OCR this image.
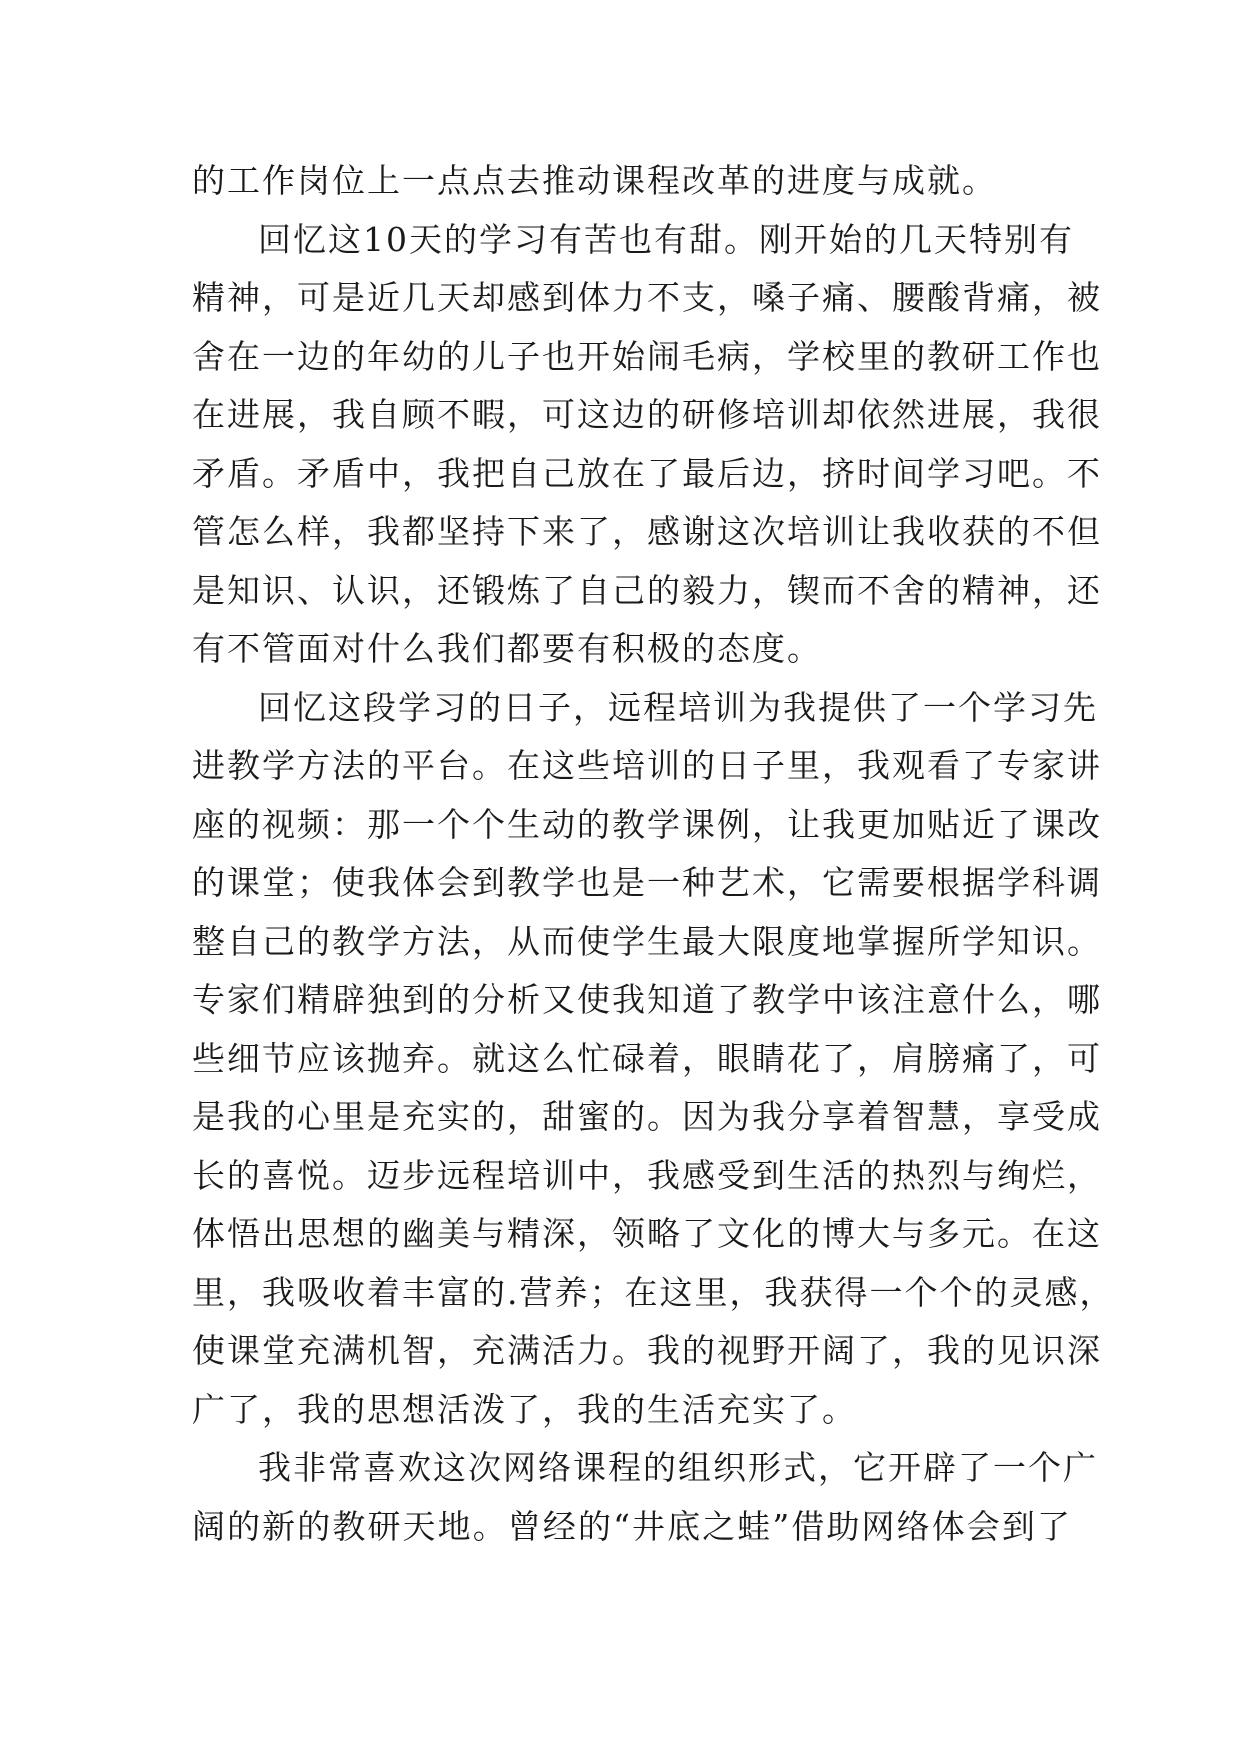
的工作岗位上一点点去推动课程改革的进度与成就。
回忆这10天的学习有苦也有甜。刚开始的几天特别有
精神，可是近几天却感到体力不支，嗓子痛、腰酸背痛，被
舍在一边的年幼的儿子也开始闹毛病，学校里的教研工作也
在进展，我自顾不暇，可这边的研修培训却依然进展，我很
矛盾。矛盾中，我把自己放在了最后边，挤时间学习吧。不
管怎么样，我都坚持下来了，感谢这次培训让我收获的不但
是知识、认识，还锻炼了自己的毅力，锲而不舍的精神，还
有不管面对什么我们都要有积极的态度。
回忆这段学习的日子，远程培训为我提供了一个学习先
进教学方法的平台。在这些培训的日子里，我观看了专家讲
座的视频：那一个个生动的教学课例，让我更加贴近了课改
的课堂；使我体会到教学也是一种艺术，它需要根据学科调
整自己的教学方法，从而使学生最大限度地掌握所学知识。
专家们精辟独到的分析又使我知道了教学中该注意什么，哪
些细节应该抛弃。就这么忙碌着，眼睛花了，肩膀痛了，可
是我的心里是充实的，甜蜜的。因为我分享着智慧，享受成
长的喜悦。迈步远程培训中，我感受到生活的热烈与绚烂，
体悟出思想的幽美与精深，领略了文化的博大与多元。在这
里，我吸收着丰富的.营养；在这里，我获得一个个的灵感，
使课堂充满机智，充满活力。我的视野开阔了，我的见识深
广了，我的思想活泼了，我的生活充实了。
我非常喜欢这次网络课程的组织形式，它开辟了一个广
阔的新的教研天地。曾经的“井底之蛙”借助网络体会到了
